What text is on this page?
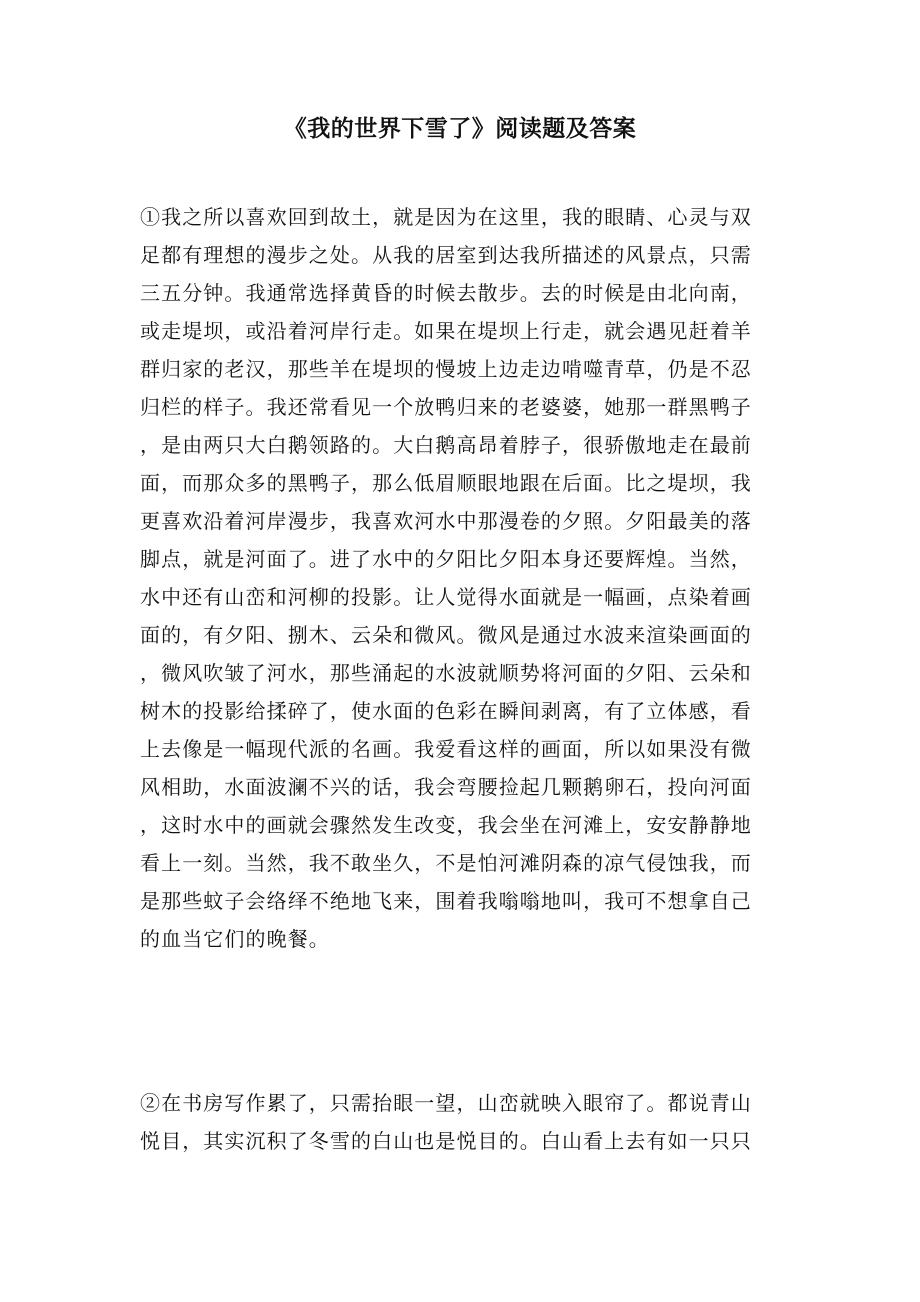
《我的世界下雪了》阅读题及答案
①我之所以喜欢回到故土，就是因为在这里，我的眼睛、心灵与双
足都有理想的漫步之处。从我的居室到达我所描述的风景点，只需
三五分钟。我通常选择黄昏的时候去散步。去的时候是由北向南，
或走堤坝，或沿着河岸行走。如果在堤坝上行走，就会遇见赶着羊
群归家的老汉，那些羊在堤坝的慢坡上边走边啃噬青草，仍是不忍
归栏的样子。我还常看见一个放鸭归来的老婆婆，她那一群黑鸭子
，是由两只大白鹅领路的。大白鹅高昂着脖子，很骄傲地走在最前
面，而那众多的黑鸭子，那么低眉顺眼地跟在后面。比之堤坝，我
更喜欢沿着河岸漫步，我喜欢河水中那漫卷的夕照。夕阳最美的落
脚点，就是河面了。进了水中的夕阳比夕阳本身还要辉煌。当然，
水中还有山峦和河柳的投影。让人觉得水面就是一幅画，点染着画
面的，有夕阳、捌木、云朵和微风。微风是通过水波来渲染画面的
，微风吹皱了河水，那些涌起的水波就顺势将河面的夕阳、云朵和
树木的投影给揉碎了，使水面的色彩在瞬间剥离，有了立体感，看
上去像是一幅现代派的名画。我爱看这样的画面，所以如果没有微
风相助，水面波澜不兴的话，我会弯腰捡起几颗鹅卵石，投向河面
，这时水中的画就会骤然发生改变，我会坐在河滩上，安安静静地
看上一刻。当然，我不敢坐久，不是怕河滩阴森的凉气侵蚀我，而
是那些蚊子会络绎不绝地飞来，围着我嗡嗡地叫，我可不想拿自己
的血当它们的晚餐。
②在书房写作累了，只需抬眼一望，山峦就映入眼帘了。都说青山
悦目，其实沉积了冬雪的白山也是悦目的。白山看上去有如一只只
